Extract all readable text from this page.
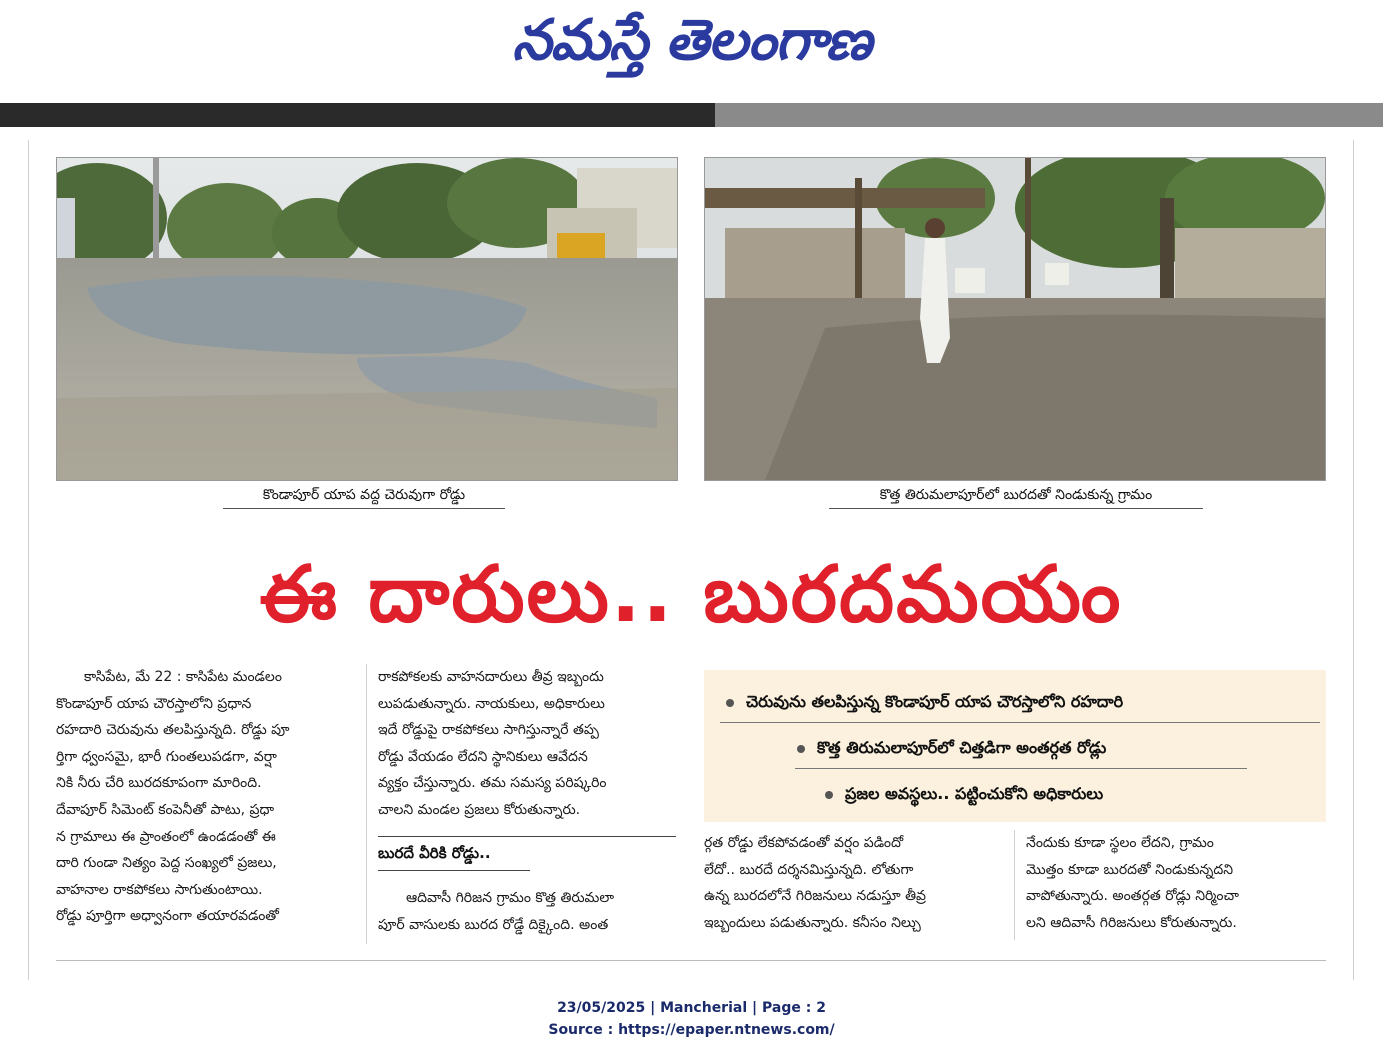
నమస్తే తెలంగాణ
కొండాపూర్ యాప వద్ద చెరువుగా రోడ్డు	కొత్త తిరుమలాపూర్‌లో బురదతో నిండుకున్న గ్రామం
ఈ దారులు.. బురదమయం

కాసిపేట, మే 22 : కాసిపేట మండలం

కొండాపూర్ యాప చౌరస్తాలోని ప్రధాన

రహదారి చెరువును తలపిస్తున్నది. రోడ్డు పూ

ర్తిగా ధ్వంసమై, భారీ గుంతలుపడగా, వర్షా

నికి నీరు చేరి బురదకూపంగా మారింది.

దేవాపూర్ సిమెంట్ కంపెనీతో పాటు, ప్రధా

న గ్రామాలు ఈ ప్రాంతంలో ఉండడంతో ఈ

దారి గుండా నిత్యం పెద్ద సంఖ్యలో ప్రజలు,

వాహనాల రాకపోకలు సాగుతుంటాయి.

రోడ్డు పూర్తిగా అధ్వానంగా తయారవడంతో

రాకపోకలకు వాహనదారులు తీవ్ర ఇబ్బందు

లుపడుతున్నారు. నాయకులు, అధికారులు

ఇదే రోడ్డుపై రాకపోకలు సాగిస్తున్నారే తప్ప

రోడ్డు వేయడం లేదని స్థానికులు ఆవేదన

వ్యక్తం చేస్తున్నారు. తమ సమస్య పరిష్కరిం

చాలని మండల ప్రజలు కోరుతున్నారు.

బురదే వీరికి రోడ్డు..

ఆదివాసీ గిరిజన గ్రామం కొత్త తిరుమలా

పూర్ వాసులకు బురద రోడ్డే దిక్కైంది. అంత

చెరువును తలపిస్తున్న కొండాపూర్ యాప చౌరస్తాలోని రహదారి
కొత్త తిరుమలాపూర్‌లో చిత్తడిగా అంతర్గత రోడ్లు
ప్రజల అవస్థలు.. పట్టించుకోని అధికారులు

ర్గత రోడ్డు లేకపోవడంతో వర్షం పడిందో

లేదో.. బురదే దర్శనమిస్తున్నది. లోతుగా

ఉన్న బురదలోనే గిరిజనులు నడుస్తూ తీవ్ర

ఇబ్బందులు పడుతున్నారు. కనీసం నిల్చు

నేందుకు కూడా స్థలం లేదని, గ్రామం

మొత్తం కూడా బురదతో నిండుకున్నదని

వాపోతున్నారు. అంతర్గత రోడ్లు నిర్మించా

లని ఆదివాసీ గిరిజనులు కోరుతున్నారు.

23/05/2025 | Mancherial | Page : 2
Source : https://epaper.ntnews.com/
